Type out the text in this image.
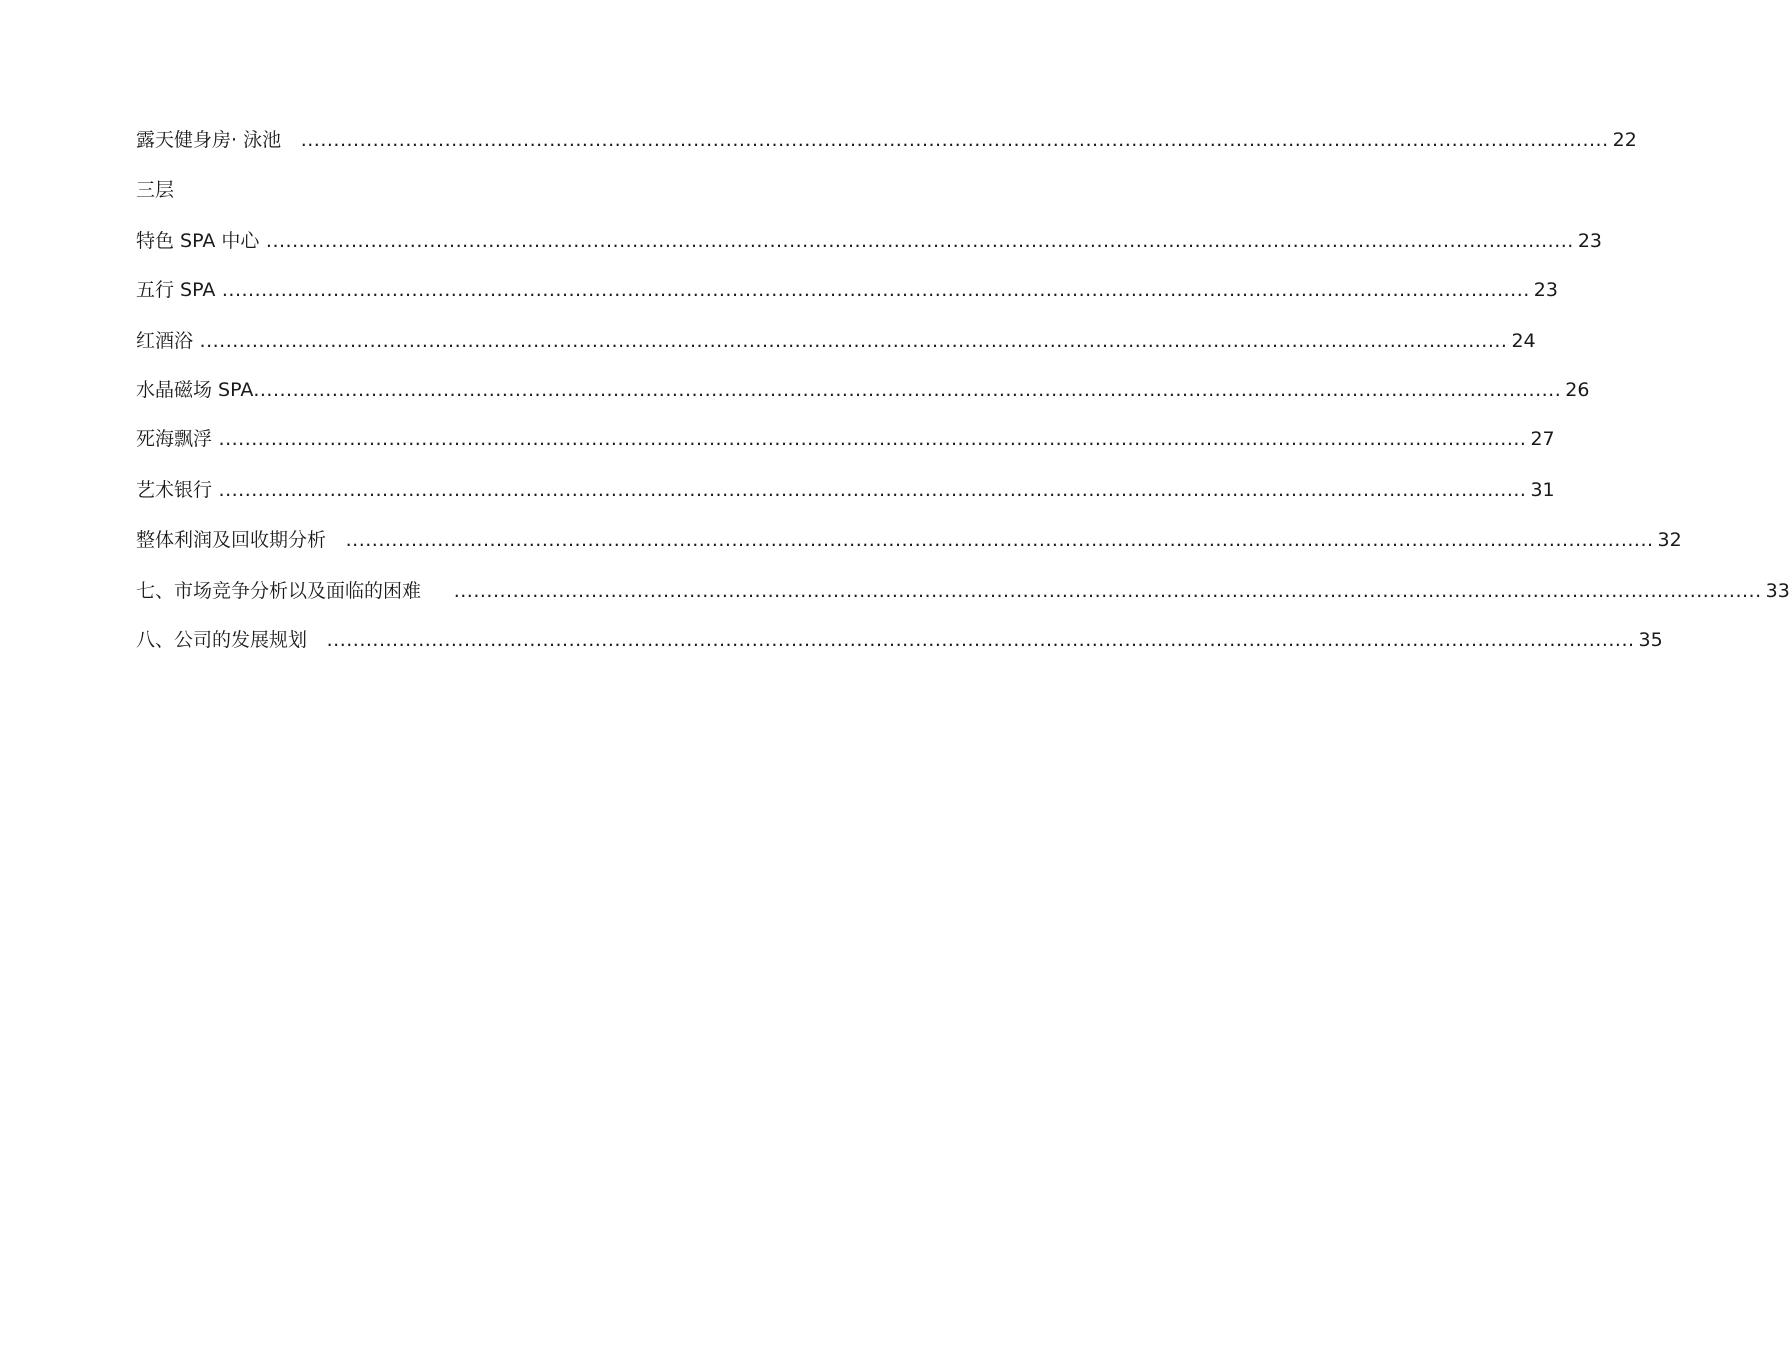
露天健身房· 泳池 ........................................................................................................................................................................................................ 22
三层
特色 SPA 中心 ........................................................................................................................................................................................................ 23
五行 SPA ........................................................................................................................................................................................................ 23
红酒浴 ........................................................................................................................................................................................................ 24
水晶磁场 SPA ........................................................................................................................................................................................................ 26
死海飘浮 ........................................................................................................................................................................................................ 27
艺术银行 ........................................................................................................................................................................................................ 31
整体利润及回收期分析 ........................................................................................................................................................................................................ 32
七、市场竞争分析以及面临的困难 ........................................................................................................................................................................................................ 33
八、公司的发展规划 ........................................................................................................................................................................................................ 35
